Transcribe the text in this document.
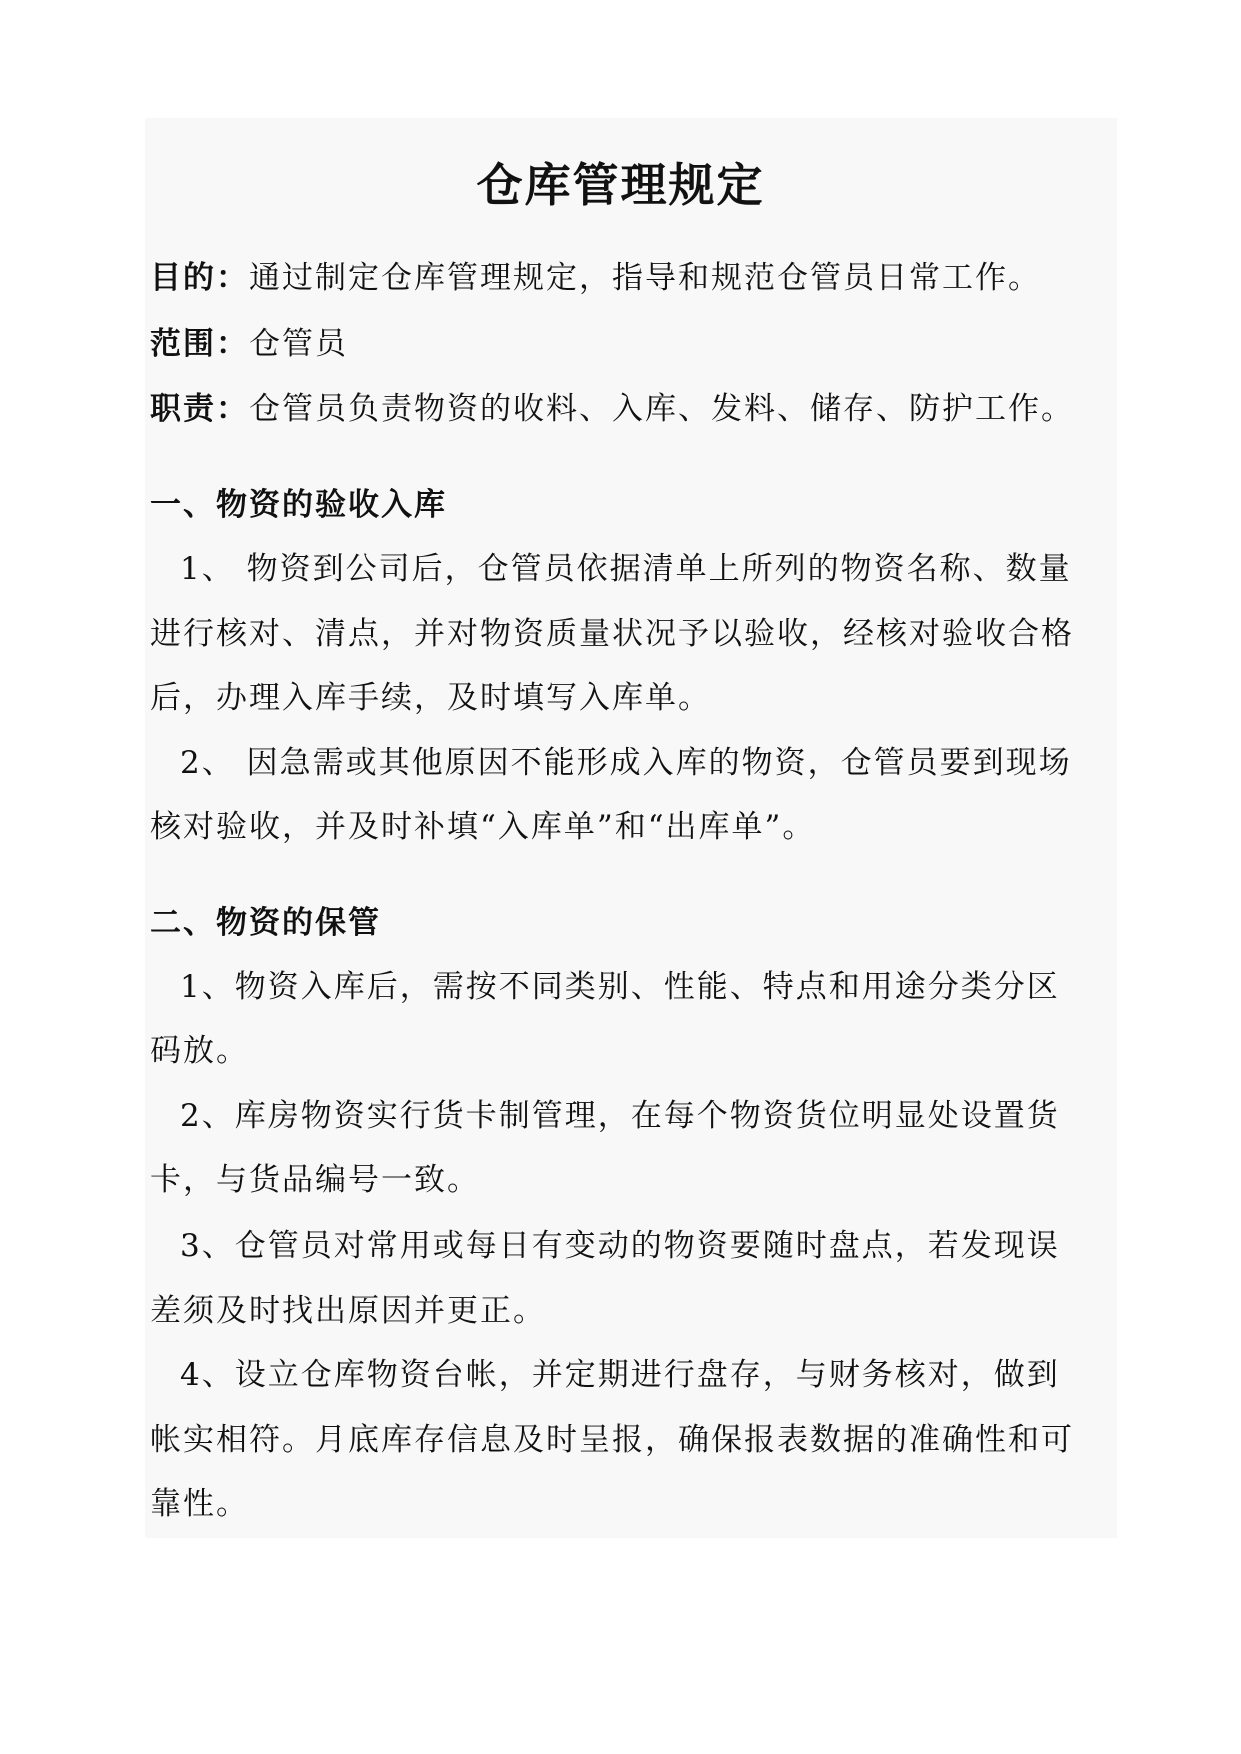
仓库管理规定
目的：通过制定仓库管理规定，指导和规范仓管员日常工作。
范围：仓管员
职责：仓管员负责物资的收料、入库、发料、储存、防护工作。
一、物资的验收入库
1、 物资到公司后，仓管员依据清单上所列的物资名称、数量
进行核对、清点，并对物资质量状况予以验收，经核对验收合格
后，办理入库手续，及时填写入库单。
2、 因急需或其他原因不能形成入库的物资，仓管员要到现场
核对验收，并及时补填“入库单”和“出库单”。
二、物资的保管
1、物资入库后，需按不同类别、性能、特点和用途分类分区
码放。
2、库房物资实行货卡制管理，在每个物资货位明显处设置货
卡，与货品编号一致。
3、仓管员对常用或每日有变动的物资要随时盘点，若发现误
差须及时找出原因并更正。
4、设立仓库物资台帐，并定期进行盘存，与财务核对，做到
帐实相符。月底库存信息及时呈报，确保报表数据的准确性和可
靠性。
